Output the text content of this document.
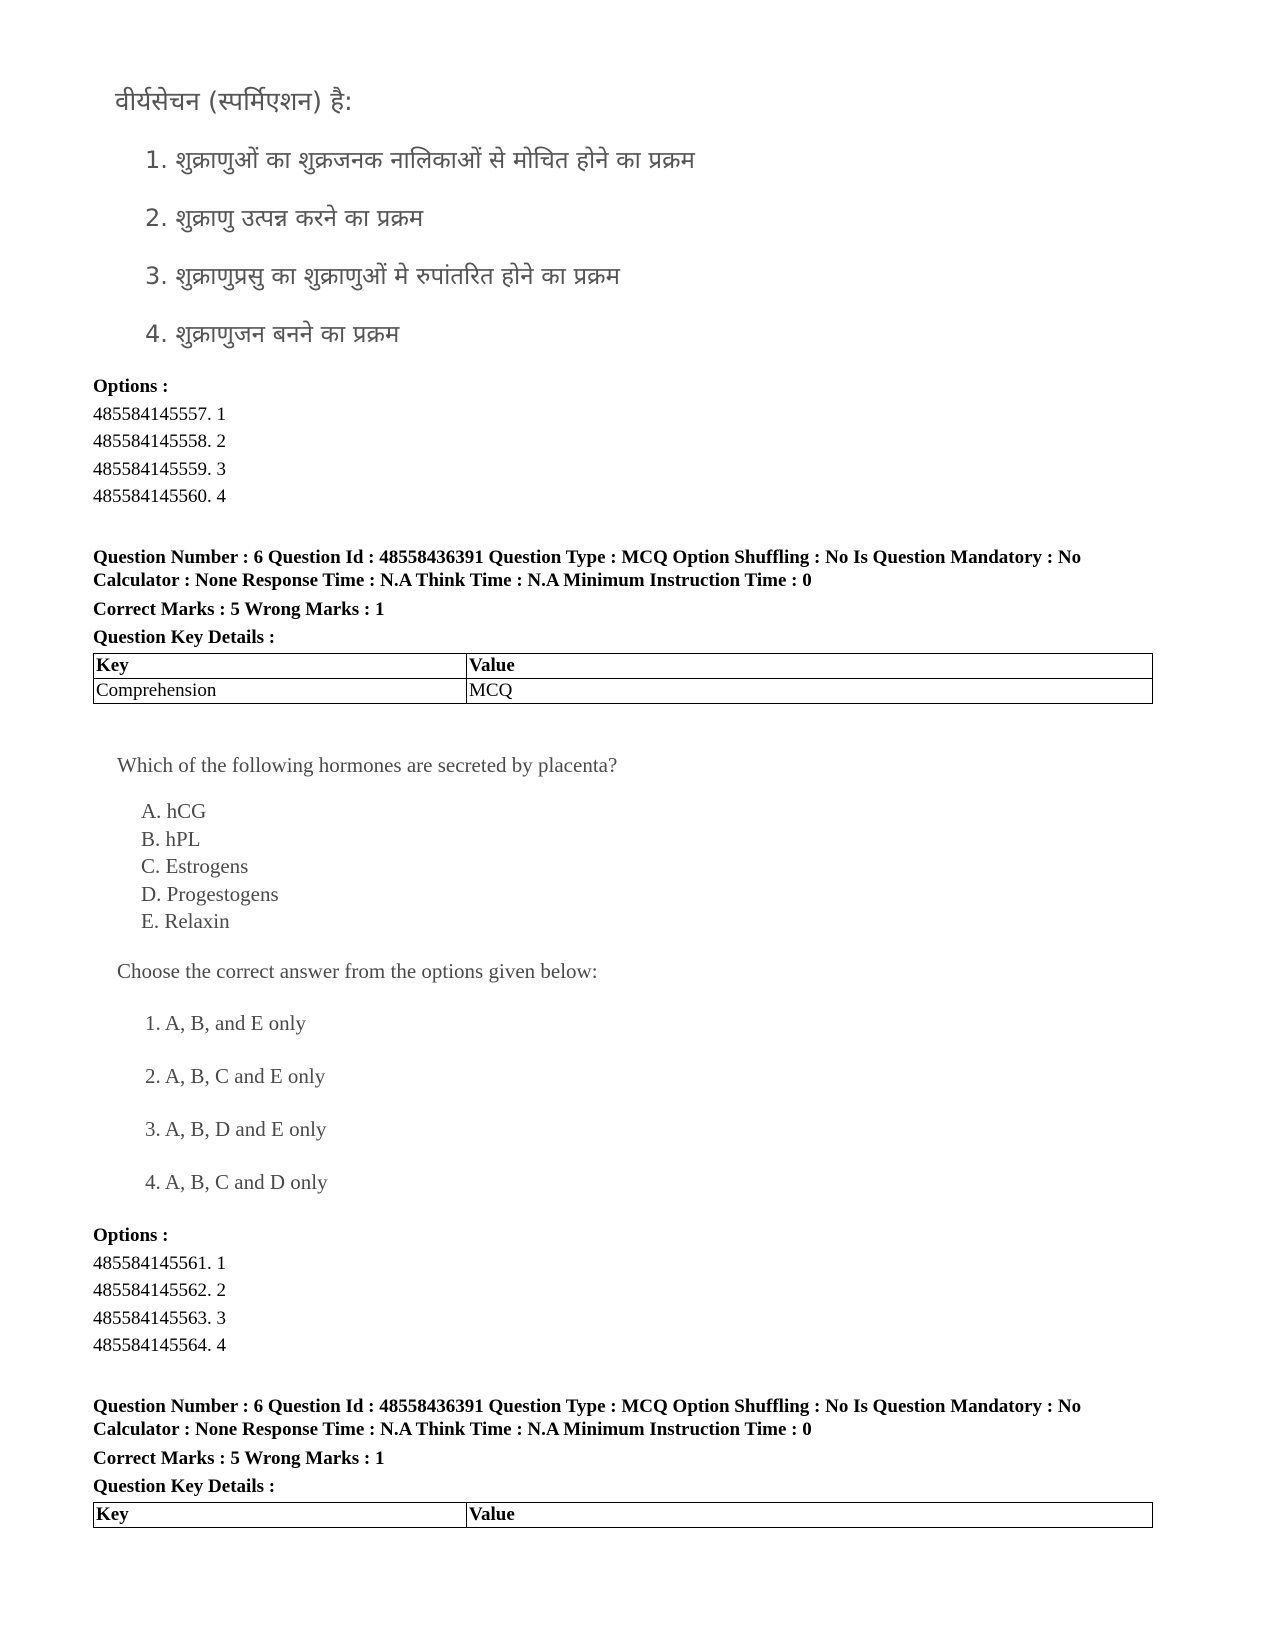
वीर्यसेचन (स्पर्मिएशन) है:
1. शुक्राणुओं का शुक्रजनक नालिकाओं से मोचित होने का प्रक्रम
2. शुक्राणु उत्पन्न करने का प्रक्रम
3. शुक्राणुप्रसु का शुक्राणुओं मे रुपांतरित होने का प्रक्रम
4. शुक्राणुजन बनने का प्रक्रम
Options :
485584145557. 1
485584145558. 2
485584145559. 3
485584145560. 4
Question Number : 6 Question Id : 48558436391 Question Type : MCQ Option Shuffling : No Is Question Mandatory : No
Calculator : None Response Time : N.A Think Time : N.A Minimum Instruction Time : 0
Correct Marks : 5 Wrong Marks : 1
Question Key Details :
Key	Value
Comprehension	MCQ
Which of the following hormones are secreted by placenta?
A. hCG
B. hPL
C. Estrogens
D. Progestogens
E. Relaxin
Choose the correct answer from the options given below:
1. A, B, and E only
2. A, B, C and E only
3. A, B, D and E only
4. A, B, C and D only
Options :
485584145561. 1
485584145562. 2
485584145563. 3
485584145564. 4
Question Number : 6 Question Id : 48558436391 Question Type : MCQ Option Shuffling : No Is Question Mandatory : No
Calculator : None Response Time : N.A Think Time : N.A Minimum Instruction Time : 0
Correct Marks : 5 Wrong Marks : 1
Question Key Details :
Key	Value
